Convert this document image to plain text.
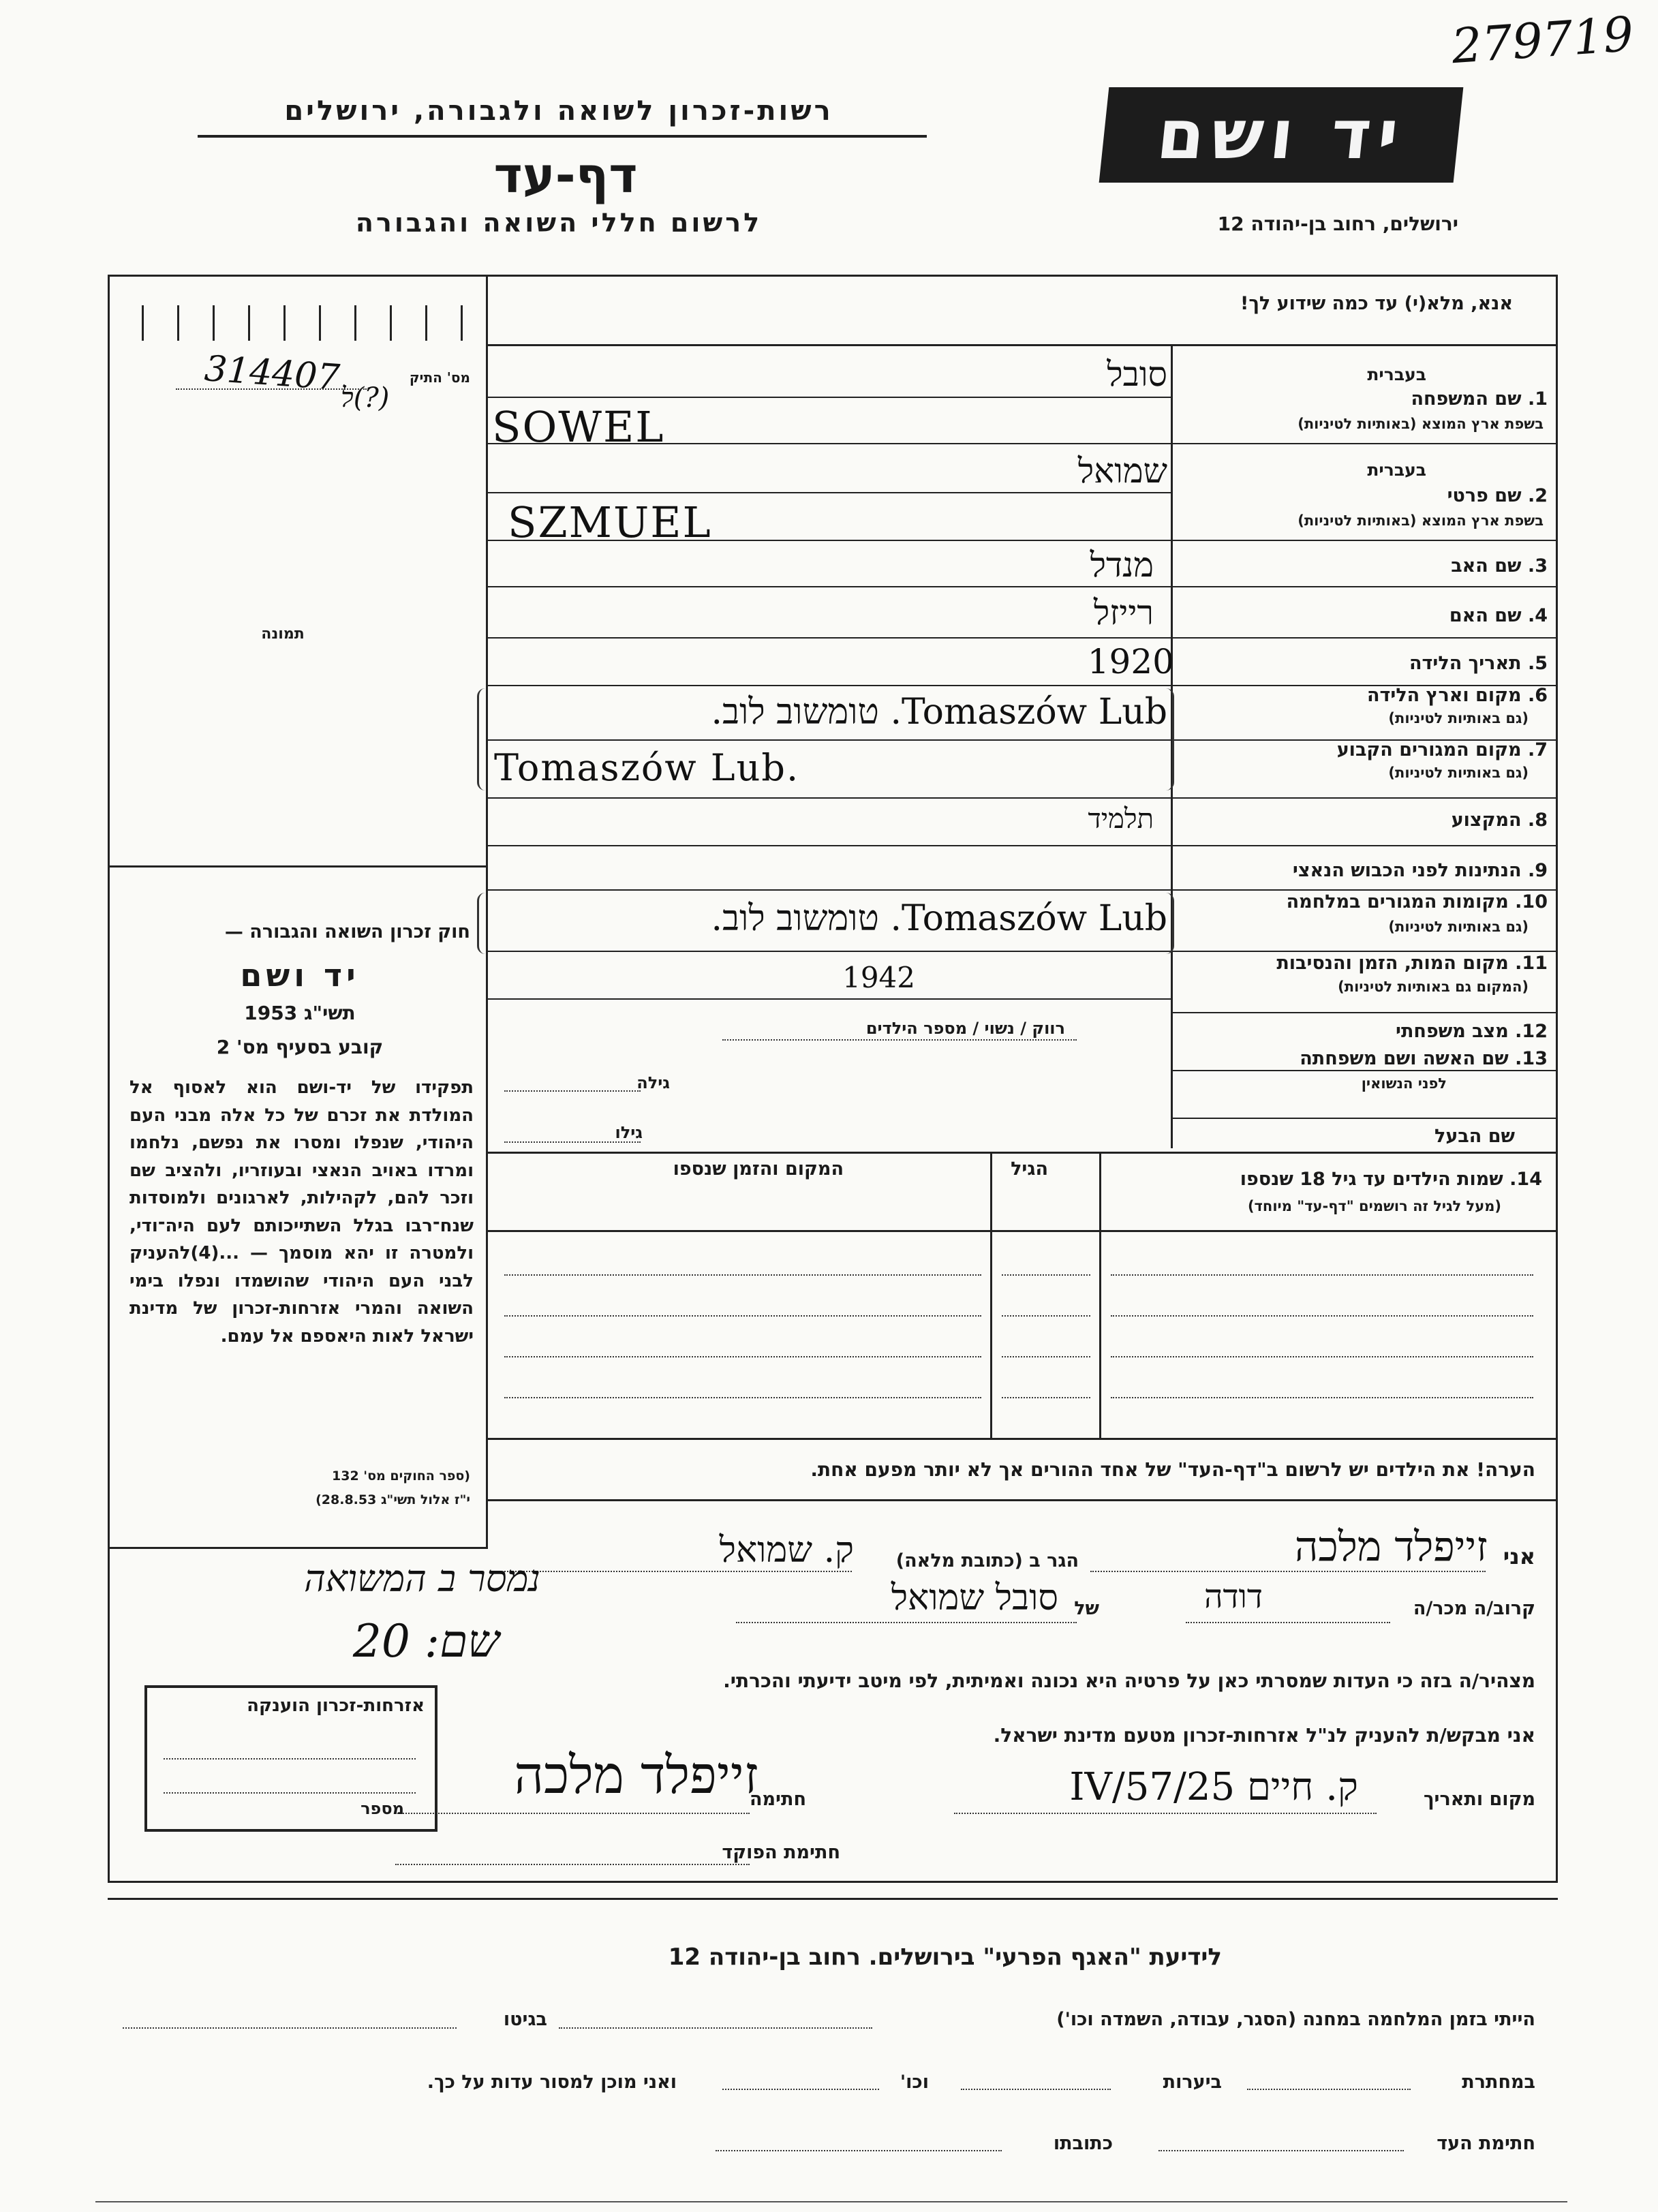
279719
רשות-זכרון לשואה ולגבורה, ירושלים
דף-עד
לרשום חללי השואה והגבורה
יד ושם
ירושלים, רחוב בן-יהודה 12
מס' התיק
314407 ל(?)
תמונה
חוק זכרון השואה והגבורה —
יד ושם
תשי"ג 1953
קובע בסעיף מס' 2
תפקידו של יד-ושם הוא לאסוף אל המולדת את זכרם של כל אלה מבני העם היהודי, שנפלו ומסרו את נפשם, נלחמו ומרדו באויב הנאצי ובעוזריו, ולהציב שם וזכר להם, לקהילות, לארגונים ולמוסדות שנח־רבו בגלל השתייכותם לעם היה־ודי, ולמטרה זו יהא מוסמך — ...(4)להעניק לבני העם היהודי שהושמדו ונפלו בימי השואה והמרי אזרחות-זכרון של מדינת ישראל לאות היאספם אל עמם.
(ספר החוקים מס' 132
י"ז אלול תשי"ג 28.8.53)
אנא, מלא(י) עד כמה שידוע לך!
בעברית
1. שם המשפחה
בשפת ארץ המוצא (באותיות לטיניות)
בעברית
2. שם פרטי
בשפת ארץ המוצא (באותיות לטיניות)
3. שם האב
4. שם האם
5. תאריך הלידה
6. מקום וארץ הלידה
(גם באותיות לטיניות)
7. מקום המגורים הקבוע
(גם באותיות לטיניות)
8. המקצוע
9. הנתינות לפני הכבוש הנאצי
10. מקומות המגורים במלחמה
(גם באותיות לטיניות)
11. מקום המות, הזמן והנסיבות
(המקום גם באותיות לטיניות)
12. מצב משפחתי
13. שם האשה ושם משפחתה
לפני הנשואין
שם הבעל
סובל
SOWEL
שמואל
SZMUEL
מנדל
רייזל
1920
Tomaszów Lub. טומשוב לוב.
Tomaszów Lub.
תלמיד
Tomaszów Lub. טומשוב לוב.
1942
רווק / נשוי / מספר הילדים
גילה
גילו
14. שמות הילדים עד גיל 18 שנספו
(מעל לגיל זה רושמים "דף-עד" מיוחד)
הגיל
המקום והזמן שנספו
הערה! את הילדים יש לרשום ב"דף-העד" של אחד ההורים אך לא יותר מפעם אחת.
אני
זייפלד מלכה
הגר ב (כתובת מלאה)
ק. שמואל
קרוב/ה מכר/ה
דודה
של
סובל שמואל
מצהיר/ה בזה כי העדות שמסרתי כאן על פרטיה היא נכונה ואמיתית, לפי מיטב ידיעתי והכרתי.
אני מבקש/ת להעניק לנ"ל אזרחות-זכרון מטעם מדינת ישראל.
מקום ותאריך
ק. חיים 25/IV/57
חתימה
זייפלד מלכה
חתימת הפוקד
נמסר ב המשואה
שם: 20
אזרחות-זכרון הוענקה
מספר
לידיעת "האגף הפרעי" בירושלים. רחוב בן-יהודה 12
הייתי בזמן המלחמה במחנה (הסגר, עבודה, השמדה וכו')
בגיטו
במחתרת
ביערות
וכו'
ואני מוכן למסור עדות על כך.
חתימת העד
כתובתו
